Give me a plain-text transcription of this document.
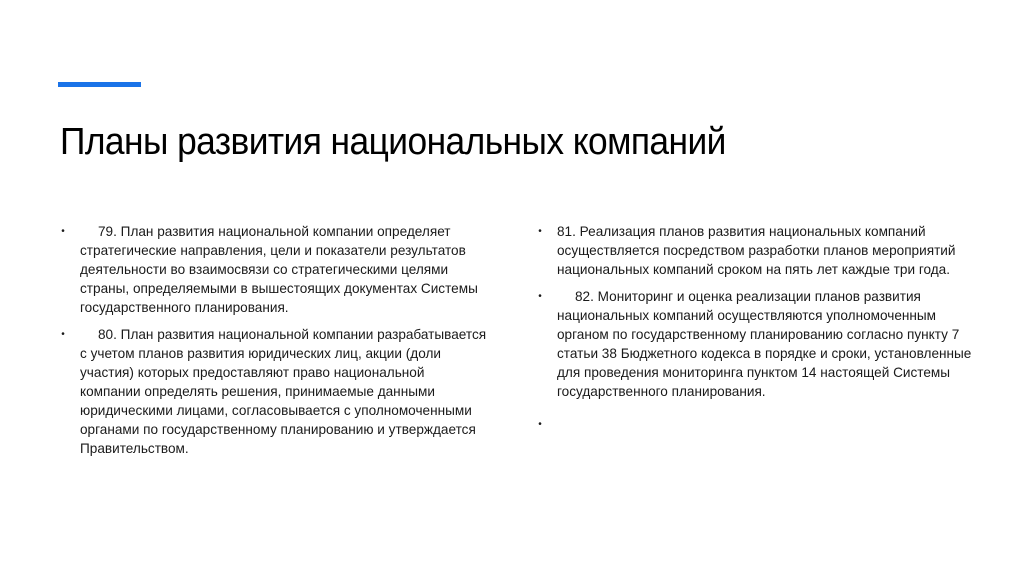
Планы развития национальных компаний
•	79. План развития национальной компании определяет стратегические направления, цели и показатели результатов деятельности во взаимосвязи со стратегическими целями страны, определяемыми в вышестоящих документах Системы государственного планирования.
•	80. План развития национальной компании разрабатывается с учетом планов развития юридических лиц, акции (доли участия) которых предоставляют право национальной компании определять решения, принимаемые данными юридическими лицами, согласовывается с уполномоченными органами по государственному планированию и утверждается Правительством.
• 81. Реализация планов развития национальных компаний осуществляется посредством разработки планов мероприятий национальных компаний сроком на пять лет каждые три года.
•	82. Мониторинг и оценка реализации планов развития национальных компаний осуществляются уполномоченным органом по государственному планированию согласно пункту 7 статьи 38 Бюджетного кодекса в порядке и сроки, установленные для проведения мониторинга пунктом 14 настоящей Системы государственного планирования.
•
